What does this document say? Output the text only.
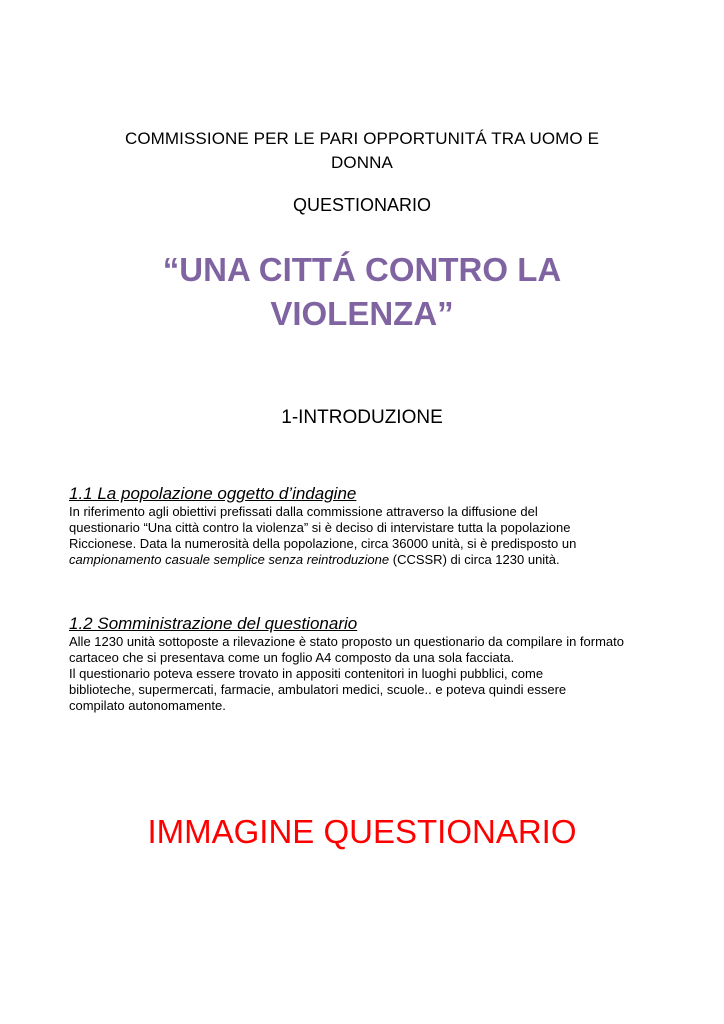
COMMISSIONE PER LE PARI OPPORTUNITÁ TRA UOMO E
DONNA
QUESTIONARIO
“UNA CITTÁ CONTRO LA
VIOLENZA”
1-INTRODUZIONE

1.1 La popolazione oggetto d’indagine

In riferimento agli obiettivi prefissati dalla commissione attraverso la diffusione del
questionario “Una città contro la violenza” si è deciso di intervistare tutta la popolazione
Riccionese. Data la numerosità della popolazione, circa 36000 unità, si è predisposto un
campionamento casuale semplice senza reintroduzione (CCSSR) di circa 1230 unità.

1.2 Somministrazione del questionario

Alle 1230 unità sottoposte a rilevazione è stato proposto un questionario da compilare in formato
cartaceo che si presentava come un foglio A4 composto da una sola facciata.
Il questionario poteva essere trovato in appositi contenitori in luoghi pubblici, come
biblioteche, supermercati, farmacie, ambulatori medici, scuole.. e poteva quindi essere
compilato autonomamente.

IMMAGINE QUESTIONARIO
